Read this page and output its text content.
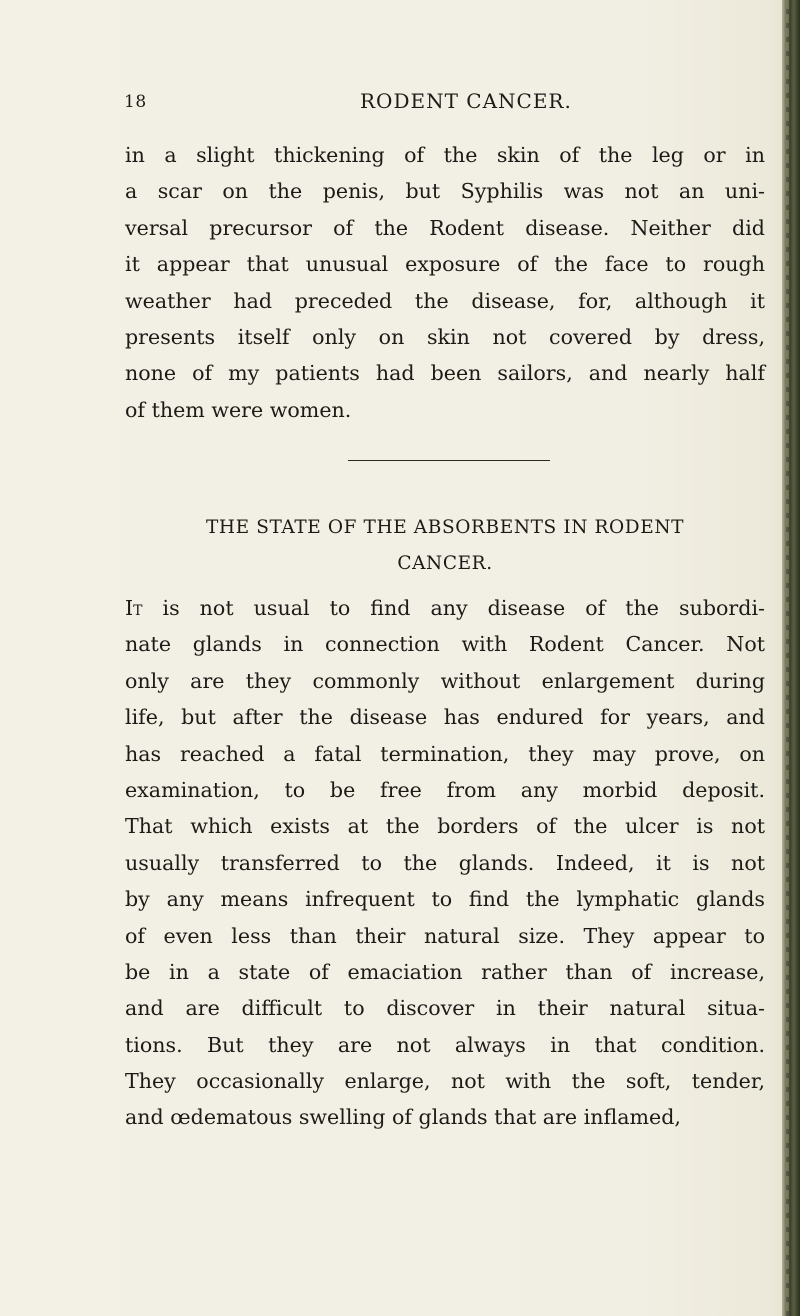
18	RODENT CANCER.
in a slight thickening of the skin of the leg or in
a scar on the penis, but Syphilis was not an uni-
versal precursor of the Rodent disease. Neither did
it appear that unusual exposure of the face to rough
weather had preceded the disease, for, although it
presents itself only on skin not covered by dress,
none of my patients had been sailors, and nearly half
of them were women.
THE STATE OF THE ABSORBENTS IN RODENT
CANCER.
It is not usual to find any disease of the subordi-
nate glands in connection with Rodent Cancer. Not
only are they commonly without enlargement during
life, but after the disease has endured for years, and
has reached a fatal termination, they may prove, on
examination, to be free from any morbid deposit.
That which exists at the borders of the ulcer is not
usually transferred to the glands. Indeed, it is not
by any means infrequent to find the lymphatic glands
of even less than their natural size. They appear to
be in a state of emaciation rather than of increase,
and are difficult to discover in their natural situa-
tions. But they are not always in that condition.
They occasionally enlarge, not with the soft, tender,
and œdematous swelling of glands that are inflamed,
